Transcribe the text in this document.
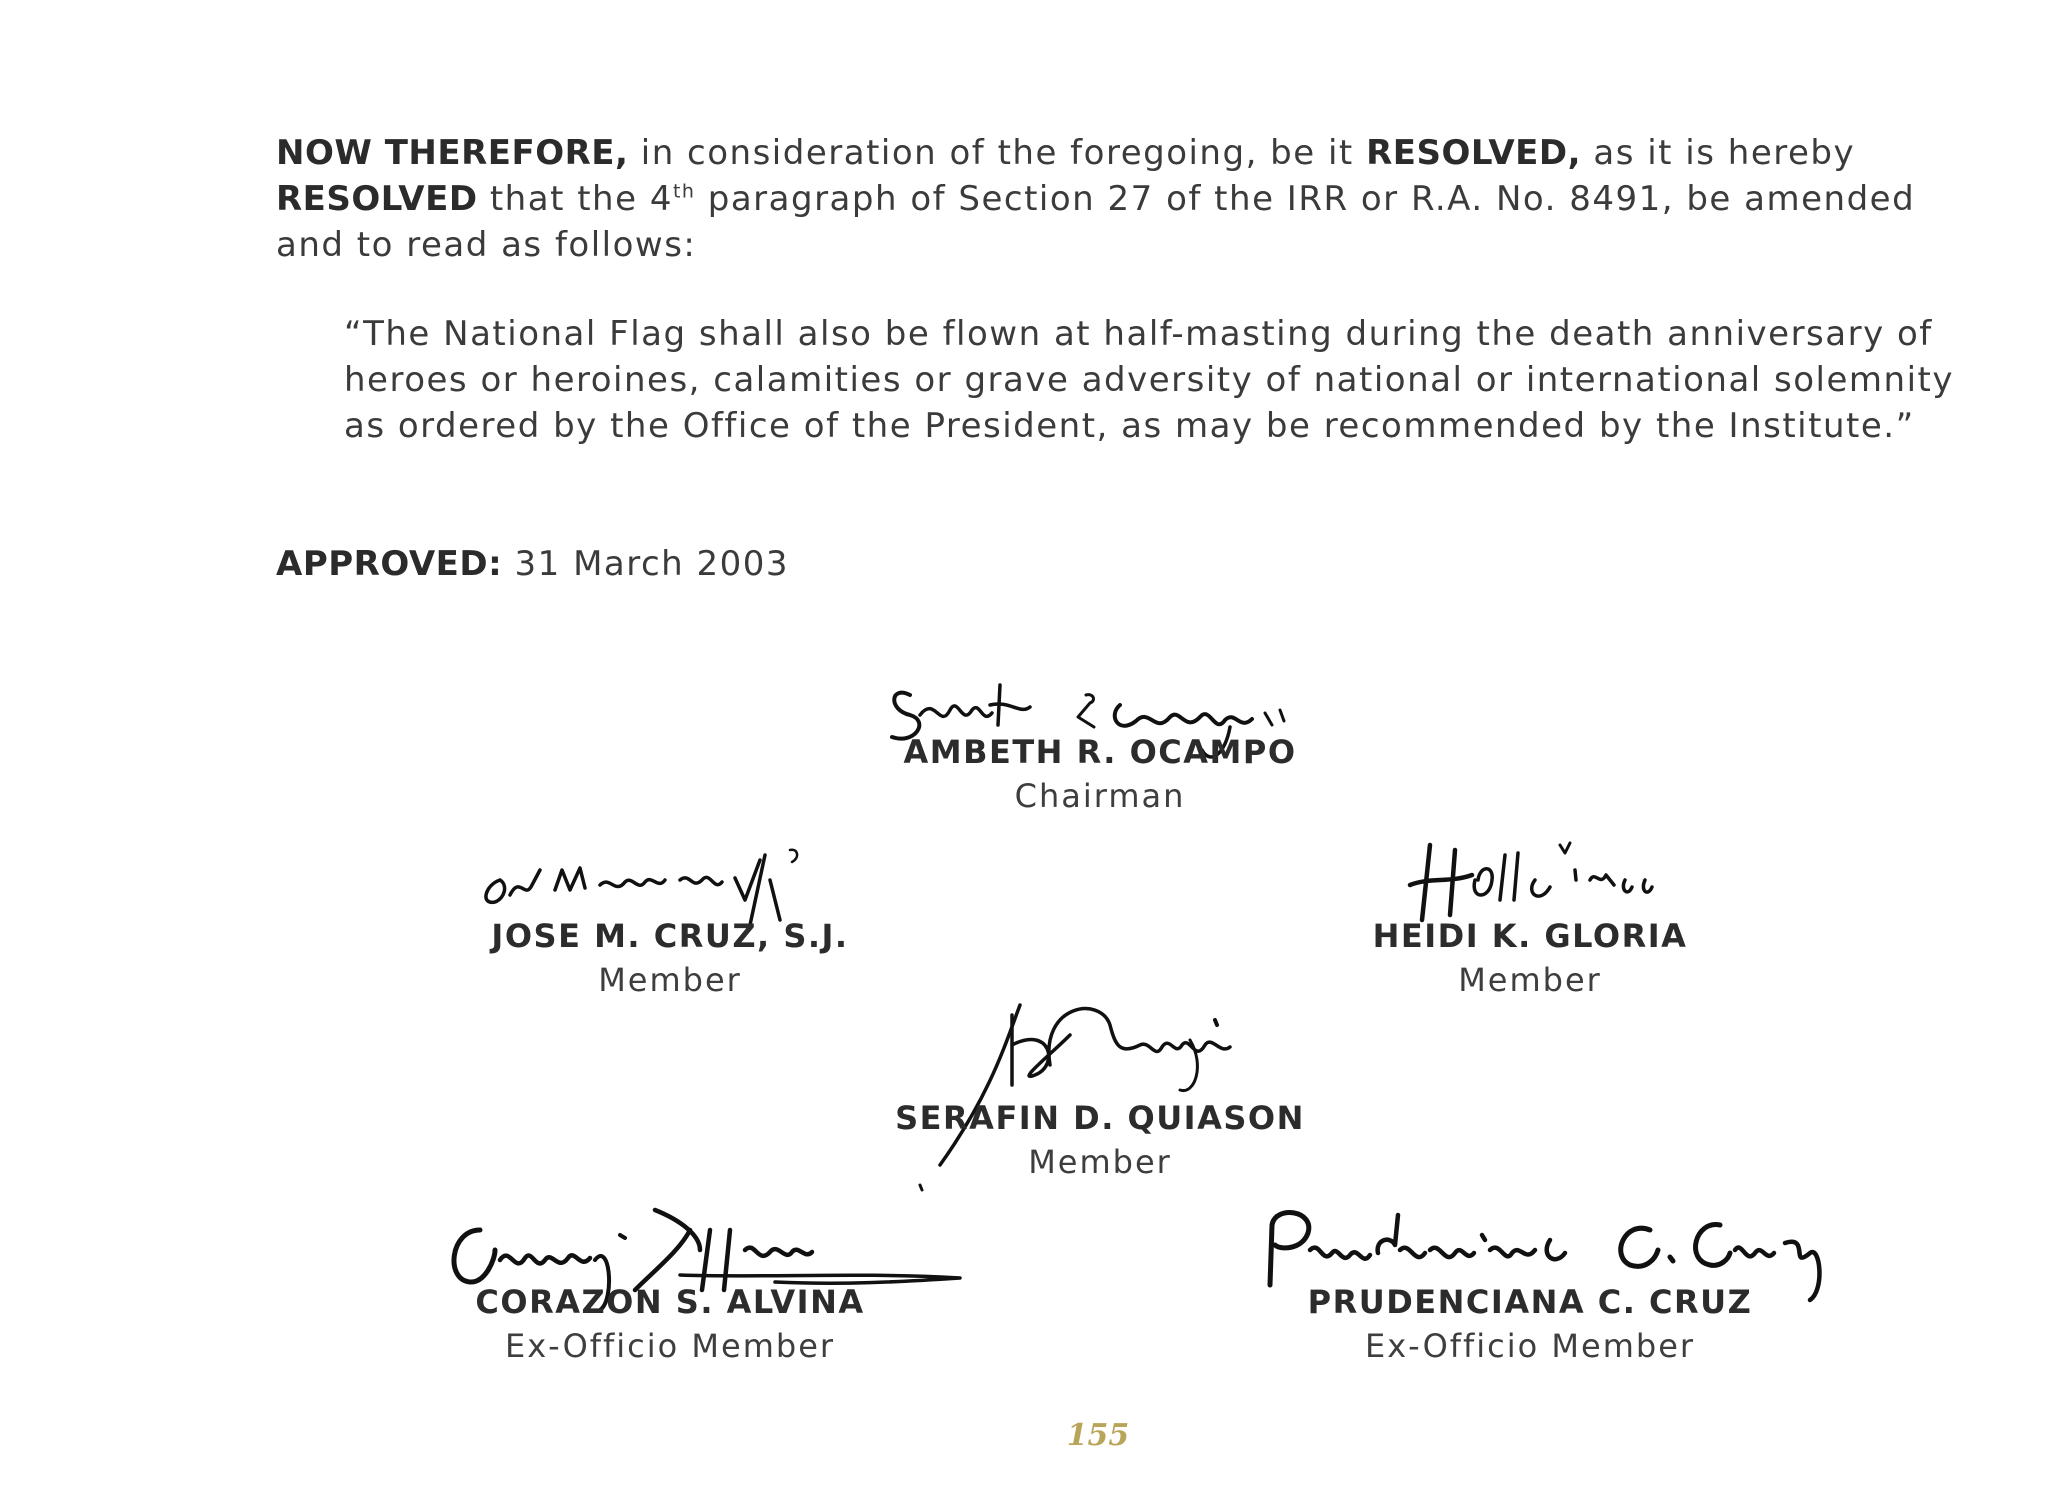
NOW THEREFORE, in consideration of the foregoing, be it RESOLVED, as it is hereby
RESOLVED that the 4th paragraph of Section 27 of the IRR or R.A. No. 8491, be amended and to read as follows:

“The National Flag shall also be flown at half-masting during the death anniversary of heroes or heroines, calamities or grave adversity of national or international solemnity as ordered by the Office of the President, as may be recommended by the Institute.”

APPROVED: 31 March 2003

AMBETH R. OCAMPO
Chairman
JOSE M. CRUZ, S.J.
Member
HEIDI K. GLORIA
Member
SERAFIN D. QUIASON
Member
CORAZON S. ALVINA
Ex-Officio Member
PRUDENCIANA C. CRUZ
Ex-Officio Member
155
